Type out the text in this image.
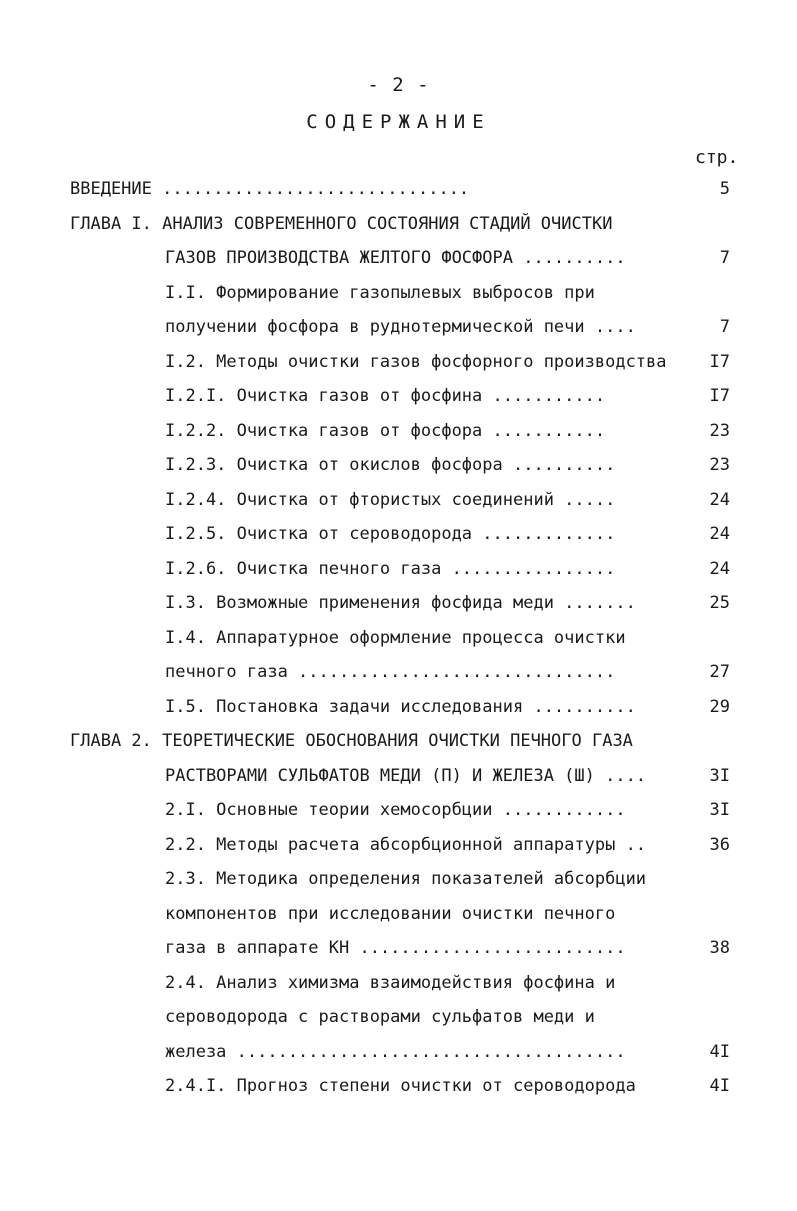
- 2 -
СОДЕРЖАНИЕ
стр.
ВВЕДЕНИЕ ..............................	5
ГЛАВА I. АНАЛИЗ СОВРЕМЕННОГО СОСТОЯНИЯ СТАДИЙ ОЧИСТКИ
ГАЗОВ ПРОИЗВОДСТВА ЖЕЛТОГО ФОСФОРА ..........	7
I.I. Формирование газопылевых выбросов при
получении фосфора в руднотермической печи ....	7
I.2. Методы очистки газов фосфорного производства	I7
I.2.I. Очистка газов от фосфина ...........	I7
I.2.2. Очистка газов от фосфора ...........	23
I.2.3. Очистка от окислов фосфора ..........	23
I.2.4. Очистка от фтористых соединений .....	24
I.2.5. Очистка от сероводорода .............	24
I.2.6. Очистка печного газа ................	24
I.3. Возможные применения фосфида меди .......	25
I.4. Аппаратурное оформление процесса очистки
печного газа ...............................	27
I.5. Постановка задачи исследования ..........	29
ГЛАВА 2. ТЕОРЕТИЧЕСКИЕ ОБОСНОВАНИЯ ОЧИСТКИ ПЕЧНОГО ГАЗА
РАСТВОРАМИ СУЛЬФАТОВ МЕДИ (П) И ЖЕЛЕЗА (Ш) ....	3I
2.I. Основные теории хемосорбции ............	3I
2.2. Методы расчета абсорбционной аппаратуры ..	36
2.3. Методика определения показателей абсорбции
компонентов при исследовании очистки печного
газа в аппарате КН ..........................	38
2.4. Анализ химизма взаимодействия фосфина и
сероводорода с растворами сульфатов меди и
железа ......................................	4I
2.4.I. Прогноз степени очистки от сероводорода	4I
